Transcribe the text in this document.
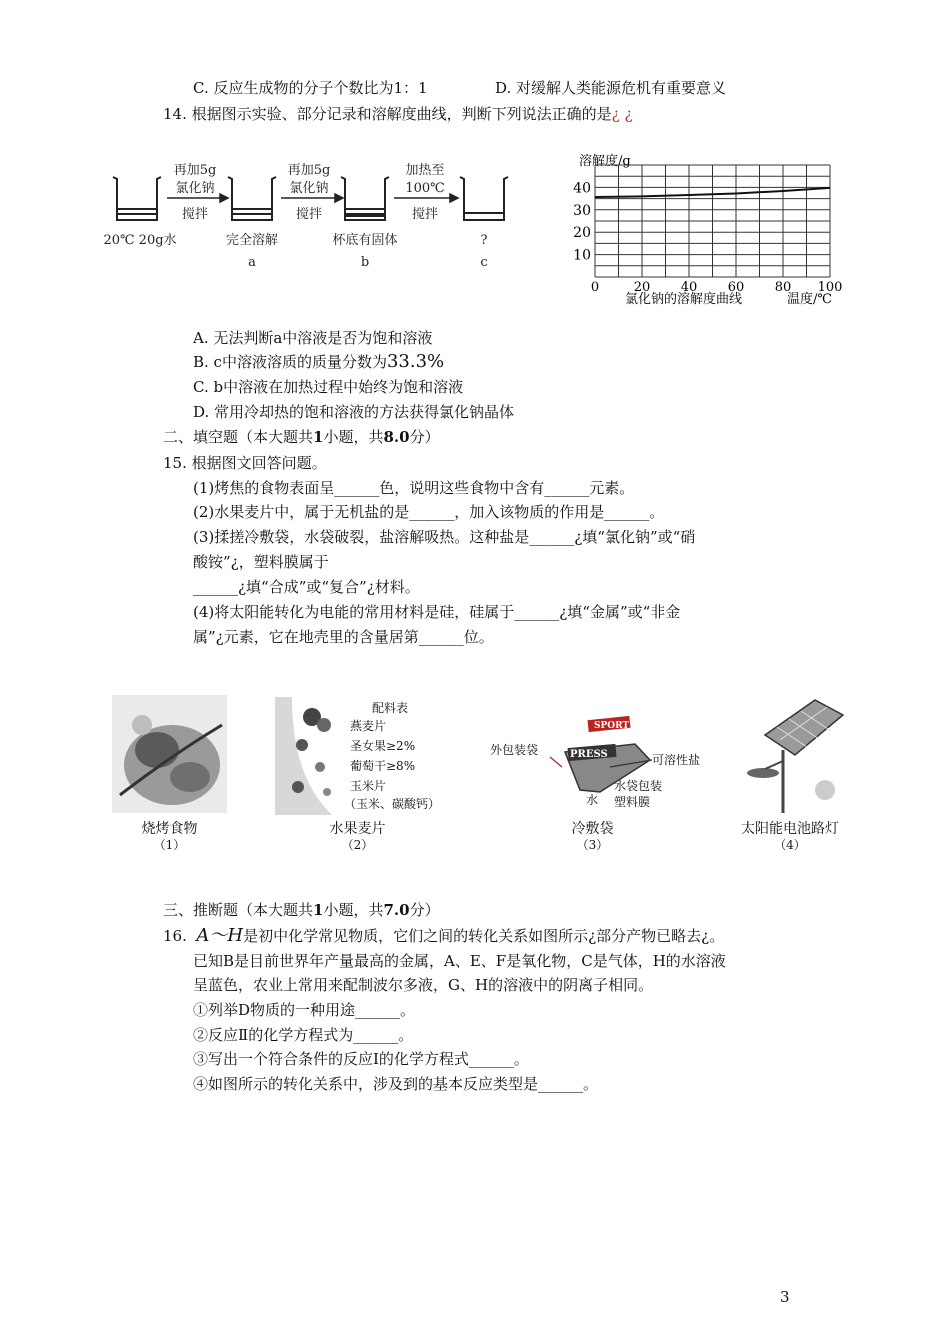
C. 反应生成物的分子个数比为1：1	D. 对缓解人类能源危机有重要意义
14. 根据图示实验、部分记录和溶解度曲线，判断下列说法正确的是¿ ¿
再加5g
氯化钠
搅拌
再加5g
氯化钠
搅拌
加热至
100℃
搅拌
20℃ 20g水	完全溶解
a
杯底有固体
b
?
c
溶解度/g
10
20
30
40
0	20 40 60 80 100
氯化钠的溶解度曲线	温度/℃
A. 无法判断a中溶液是否为饱和溶液
B. c中溶液溶质的质量分数为33.3%
C. b中溶液在加热过程中始终为饱和溶液
D. 常用冷却热的饱和溶液的方法获得氯化钠晶体
二、填空题（本大题共1小题，共8.0分）
15. 根据图文回答问题。
(1)烤焦的食物表面呈______色，说明这些食物中含有______元素。
(2)水果麦片中，属于无机盐的是______，加入该物质的作用是______。
(3)揉搓冷敷袋，水袋破裂，盐溶解吸热。这种盐是______¿填“氯化钠”或“硝
酸铵”¿，塑料膜属于
______¿填“合成”或“复合”¿材料。
(4)将太阳能转化为电能的常用材料是硅，硅属于______¿填“金属”或“非金
属”¿元素，它在地壳里的含量居第______位。
烧烤食物
（1）
配料表
燕麦片
圣女果≥2%
葡萄干≥8%
玉米片
（玉米、碳酸钙）
水果麦片
（2）
SPORT
PRESS
外包装袋
可溶性盐
水
水袋包装
塑料膜
冷敷袋
（3）
太阳能电池路灯
（4）
三、推断题（本大题共1小题，共7.0分）
16. A～H是初中化学常见物质，它们之间的转化关系如图所示¿部分产物已略去¿。
已知B是目前世界年产量最高的金属，A、E、F是氧化物，C是气体，H的水溶液
呈蓝色，农业上常用来配制波尔多液，G、H的溶液中的阴离子相同。
①列举D物质的一种用途______。
②反应Ⅱ的化学方程式为______。
③写出一个符合条件的反应Ⅰ的化学方程式______。
④如图所示的转化关系中，涉及到的基本反应类型是______。
3
